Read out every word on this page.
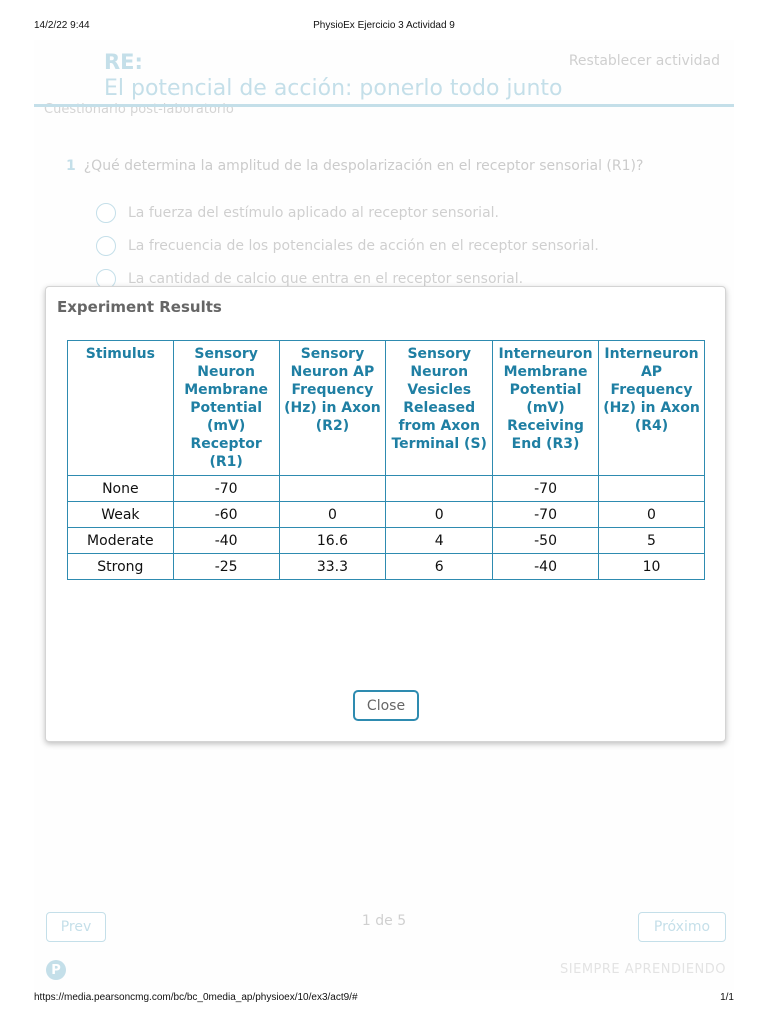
14/2/22 9:44	PhysioEx Ejercicio 3 Actividad 9
Experiment Results
Stimulus	Sensory Neuron Membrane Potential (mV) Receptor (R1)	Sensory Neuron AP Frequency (Hz) in Axon (R2)	Sensory Neuron Vesicles Released from Axon Terminal (S)	Interneuron Membrane Potential (mV) Receiving End (R3)	Interneuron AP Frequency (Hz) in Axon (R4)
None	-70			-70	
Weak	-60	0	0	-70	0
Moderate	-40	16.6	4	-50	5
Strong	-25	33.3	6	-40	10
Close
https://media.pearsoncmg.com/bc/bc_0media_ap/physioex/10/ex3/act9/#	1/1
